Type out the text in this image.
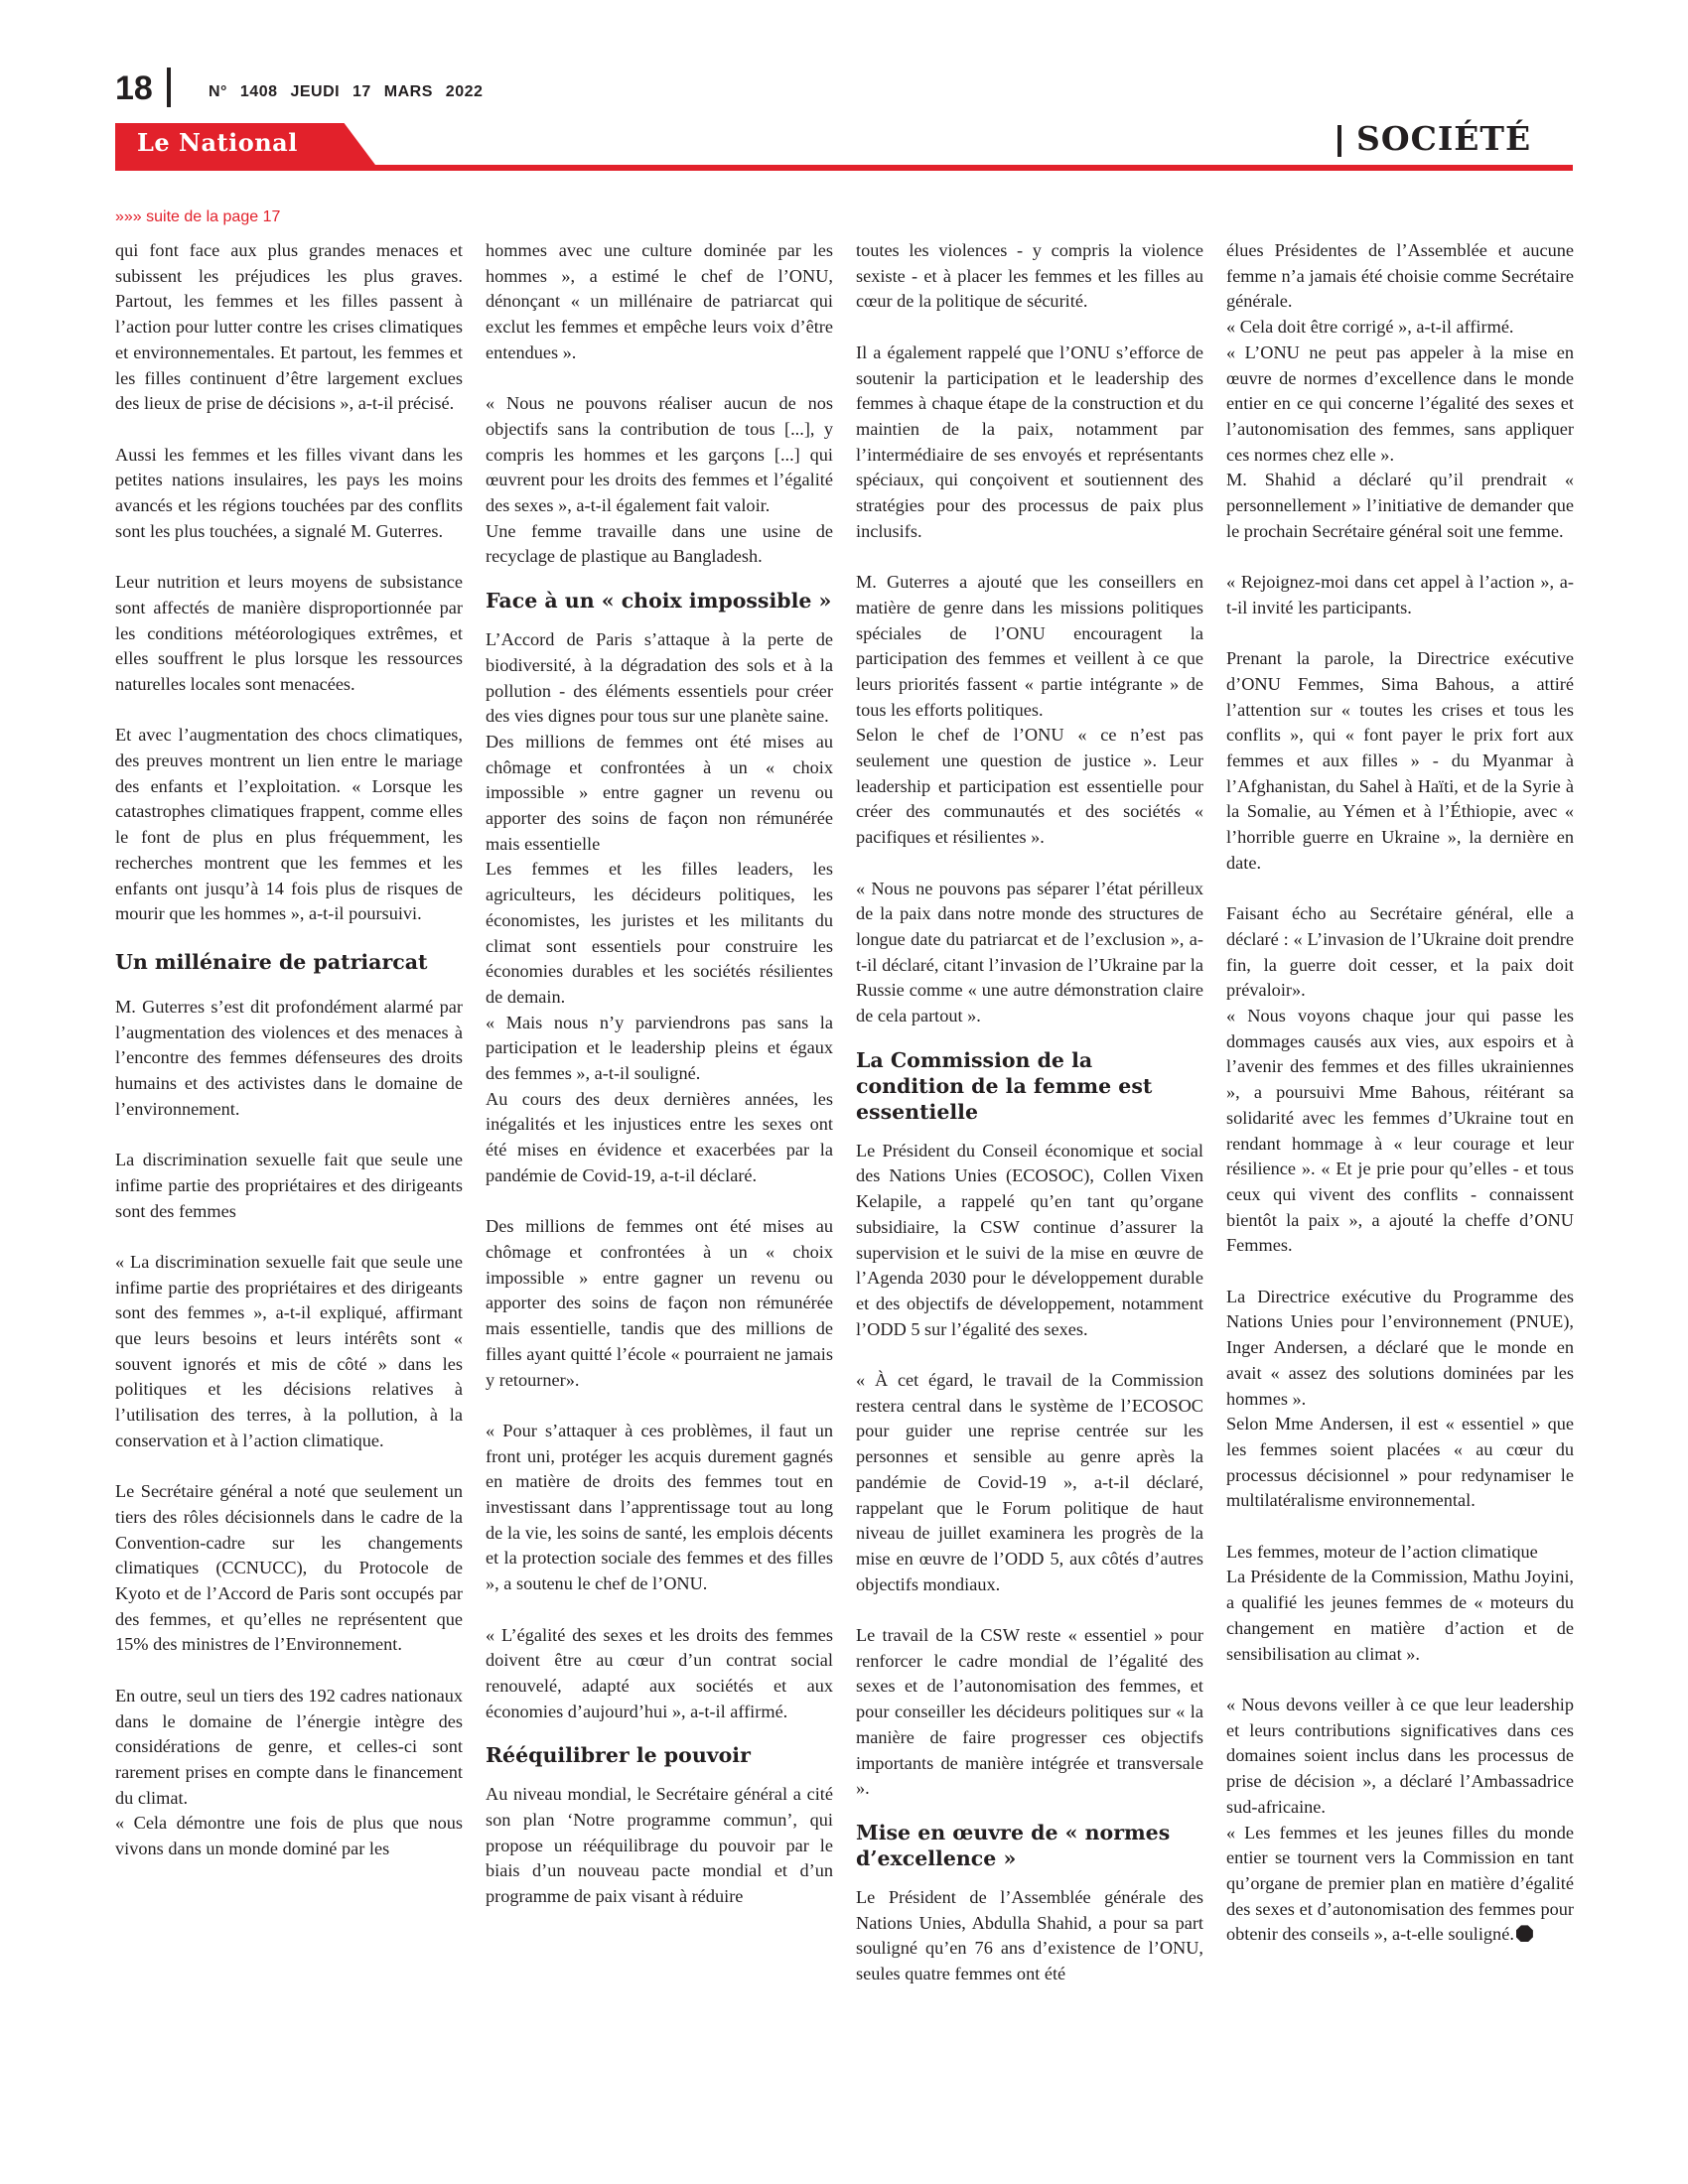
18	N° 1408 JEUDI 17 MARS 2022
Le National	SOCIÉTÉ
»»» suite de la page 17

qui font face aux plus grandes menaces et subissent les préjudices les plus graves. Partout, les femmes et les filles passent à l’action pour lutter contre les crises climatiques et environnementales. Et partout, les femmes et les filles continuent d’être largement exclues des lieux de prise de décisions », a-t-il précisé.

Aussi les femmes et les filles vivant dans les petites nations insulaires, les pays les moins avancés et les régions touchées par des conflits sont les plus touchées, a signalé M. Guterres.

Leur nutrition et leurs moyens de subsistance sont affectés de manière disproportionnée par les conditions météorologiques extrêmes, et elles souffrent le plus lorsque les ressources naturelles locales sont menacées.

Et avec l’augmentation des chocs climatiques, des preuves montrent un lien entre le mariage des enfants et l’exploitation. « Lorsque les catastrophes climatiques frappent, comme elles le font de plus en plus fréquemment, les recherches montrent que les femmes et les enfants ont jusqu’à 14 fois plus de risques de mourir que les hommes », a-t-il poursuivi.

Un millénaire de patriarcat

M. Guterres s’est dit profondément alarmé par l’augmentation des violences et des menaces à l’encontre des femmes défenseures des droits humains et des activistes dans le domaine de l’environnement.

La discrimination sexuelle fait que seule une infime partie des propriétaires et des dirigeants sont des femmes

« La discrimination sexuelle fait que seule une infime partie des propriétaires et des dirigeants sont des femmes », a-t-il expliqué, affirmant que leurs besoins et leurs intérêts sont « souvent ignorés et mis de côté » dans les politiques et les décisions relatives à l’utilisation des terres, à la pollution, à la conservation et à l’action climatique.

Le Secrétaire général a noté que seulement un tiers des rôles décisionnels dans le cadre de la Convention-cadre sur les changements climatiques (CCNUCC), du Protocole de Kyoto et de l’Accord de Paris sont occupés par des femmes, et qu’elles ne représentent que 15% des ministres de l’Environnement.

En outre, seul un tiers des 192 cadres nationaux dans le domaine de l’énergie intègre des considérations de genre, et celles-ci sont rarement prises en compte dans le financement du climat.

« Cela démontre une fois de plus que nous vivons dans un monde dominé par les

hommes avec une culture dominée par les hommes », a estimé le chef de l’ONU, dénonçant « un millénaire de patriarcat qui exclut les femmes et empêche leurs voix d’être entendues ».

« Nous ne pouvons réaliser aucun de nos objectifs sans la contribution de tous [...], y compris les hommes et les garçons [...] qui œuvrent pour les droits des femmes et l’égalité des sexes », a-t-il également fait valoir.

Une femme travaille dans une usine de recyclage de plastique au Bangladesh.

Face à un « choix impossible »

L’Accord de Paris s’attaque à la perte de biodiversité, à la dégradation des sols et à la pollution - des éléments essentiels pour créer des vies dignes pour tous sur une planète saine.

Des millions de femmes ont été mises au chômage et confrontées à un « choix impossible » entre gagner un revenu ou apporter des soins de façon non rémunérée mais essentielle

Les femmes et les filles leaders, les agriculteurs, les décideurs politiques, les économistes, les juristes et les militants du climat sont essentiels pour construire les économies durables et les sociétés résilientes de demain.

« Mais nous n’y parviendrons pas sans la participation et le leadership pleins et égaux des femmes », a-t-il souligné.

Au cours des deux dernières années, les inégalités et les injustices entre les sexes ont été mises en évidence et exacerbées par la pandémie de Covid-19, a-t-il déclaré.

Des millions de femmes ont été mises au chômage et confrontées à un « choix impossible » entre gagner un revenu ou apporter des soins de façon non rémunérée mais essentielle, tandis que des millions de filles ayant quitté l’école « pourraient ne jamais y retourner».

« Pour s’attaquer à ces problèmes, il faut un front uni, protéger les acquis durement gagnés en matière de droits des femmes tout en investissant dans l’apprentissage tout au long de la vie, les soins de santé, les emplois décents et la protection sociale des femmes et des filles », a soutenu le chef de l’ONU.

« L’égalité des sexes et les droits des femmes doivent être au cœur d’un contrat social renouvelé, adapté aux sociétés et aux économies d’aujourd’hui », a-t-il affirmé.

Rééquilibrer le pouvoir

Au niveau mondial, le Secrétaire général a cité son plan ‘Notre programme commun’, qui propose un rééquilibrage du pouvoir par le biais d’un nouveau pacte mondial et d’un programme de paix visant à réduire

toutes les violences - y compris la violence sexiste - et à placer les femmes et les filles au cœur de la politique de sécurité.

Il a également rappelé que l’ONU s’efforce de soutenir la participation et le leadership des femmes à chaque étape de la construction et du maintien de la paix, notamment par l’intermédiaire de ses envoyés et représentants spéciaux, qui conçoivent et soutiennent des stratégies pour des processus de paix plus inclusifs.

M. Guterres a ajouté que les conseillers en matière de genre dans les missions politiques spéciales de l’ONU encouragent la participation des femmes et veillent à ce que leurs priorités fassent « partie intégrante » de tous les efforts politiques.

Selon le chef de l’ONU « ce n’est pas seulement une question de justice ». Leur leadership et participation est essentielle pour créer des communautés et des sociétés « pacifiques et résilientes ».

« Nous ne pouvons pas séparer l’état périlleux de la paix dans notre monde des structures de longue date du patriarcat et de l’exclusion », a-t-il déclaré, citant l’invasion de l’Ukraine par la Russie comme « une autre démonstration claire de cela partout ».

La Commission de la condition de la femme est essentielle

Le Président du Conseil économique et social des Nations Unies (ECOSOC), Collen Vixen Kelapile, a rappelé qu’en tant qu’organe subsidiaire, la CSW continue d’assurer la supervision et le suivi de la mise en œuvre de l’Agenda 2030 pour le développement durable et des objectifs de développement, notamment l’ODD 5 sur l’égalité des sexes.

« À cet égard, le travail de la Commission restera central dans le système de l’ECOSOC pour guider une reprise centrée sur les personnes et sensible au genre après la pandémie de Covid-19 », a-t-il déclaré, rappelant que le Forum politique de haut niveau de juillet examinera les progrès de la mise en œuvre de l’ODD 5, aux côtés d’autres objectifs mondiaux.

Le travail de la CSW reste « essentiel » pour renforcer le cadre mondial de l’égalité des sexes et de l’autonomisation des femmes, et pour conseiller les décideurs politiques sur « la manière de faire progresser ces objectifs importants de manière intégrée et transversale ».

Mise en œuvre de « normes d’excellence »

Le Président de l’Assemblée générale des Nations Unies, Abdulla Shahid, a pour sa part souligné qu’en 76 ans d’existence de l’ONU, seules quatre femmes ont été

élues Présidentes de l’Assemblée et aucune femme n’a jamais été choisie comme Secrétaire générale.

« Cela doit être corrigé », a-t-il affirmé.

« L’ONU ne peut pas appeler à la mise en œuvre de normes d’excellence dans le monde entier en ce qui concerne l’égalité des sexes et l’autonomisation des femmes, sans appliquer ces normes chez elle ».

M. Shahid a déclaré qu’il prendrait « personnellement » l’initiative de demander que le prochain Secrétaire général soit une femme.

« Rejoignez-moi dans cet appel à l’action », a-t-il invité les participants.

Prenant la parole, la Directrice exécutive d’ONU Femmes, Sima Bahous, a attiré l’attention sur « toutes les crises et tous les conflits », qui « font payer le prix fort aux femmes et aux filles » - du Myanmar à l’Afghanistan, du Sahel à Haïti, et de la Syrie à la Somalie, au Yémen et à l’Éthiopie, avec « l’horrible guerre en Ukraine », la dernière en date.

Faisant écho au Secrétaire général, elle a déclaré : « L’invasion de l’Ukraine doit prendre fin, la guerre doit cesser, et la paix doit prévaloir».

« Nous voyons chaque jour qui passe les dommages causés aux vies, aux espoirs et à l’avenir des femmes et des filles ukrainiennes », a poursuivi Mme Bahous, réitérant sa solidarité avec les femmes d’Ukraine tout en rendant hommage à « leur courage et leur résilience ». « Et je prie pour qu’elles - et tous ceux qui vivent des conflits - connaissent bientôt la paix », a ajouté la cheffe d’ONU Femmes.

La Directrice exécutive du Programme des Nations Unies pour l’environnement (PNUE), Inger Andersen, a déclaré que le monde en avait « assez des solutions dominées par les hommes ».

Selon Mme Andersen, il est « essentiel » que les femmes soient placées « au cœur du processus décisionnel » pour redynamiser le multilatéralisme environnemental.

Les femmes, moteur de l’action climatique

La Présidente de la Commission, Mathu Joyini, a qualifié les jeunes femmes de « moteurs du changement en matière d’action et de sensibilisation au climat ».

« Nous devons veiller à ce que leur leadership et leurs contributions significatives dans ces domaines soient inclus dans les processus de prise de décision », a déclaré l’Ambassadrice sud-africaine.

« Les femmes et les jeunes filles du monde entier se tournent vers la Commission en tant qu’organe de premier plan en matière d’égalité des sexes et d’autonomisation des femmes pour obtenir des conseils », a-t-elle souligné.
